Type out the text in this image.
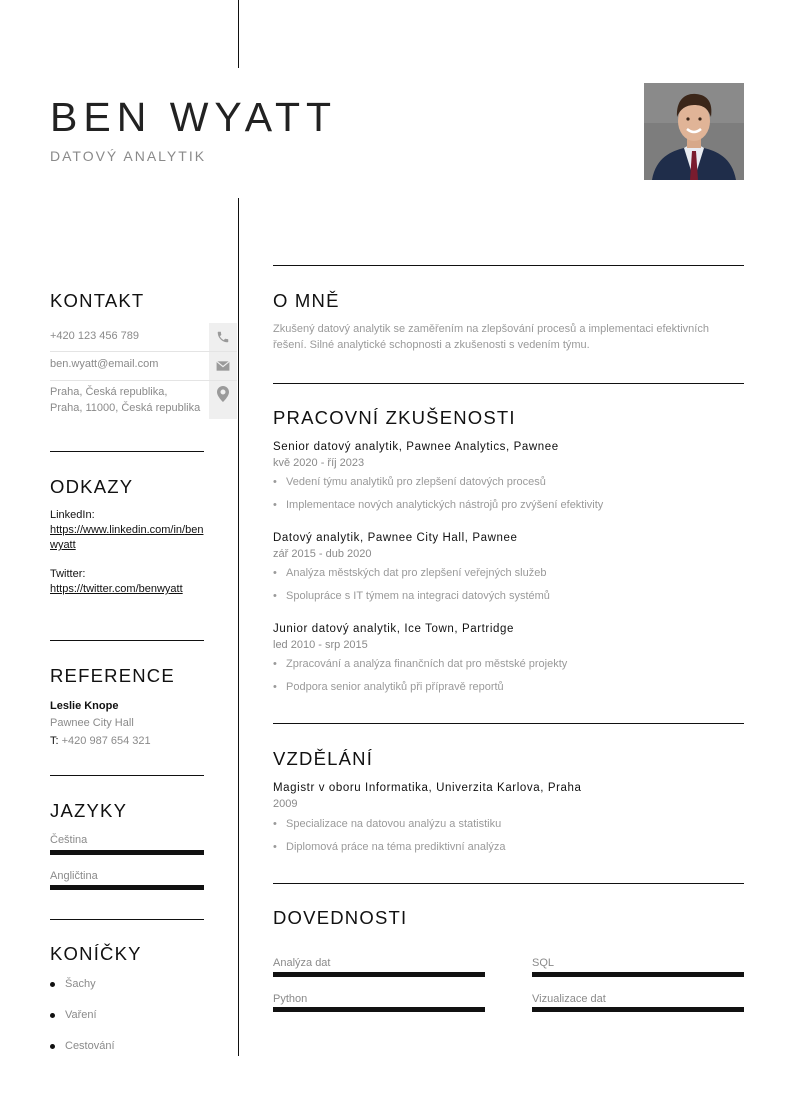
BEN WYATT
DATOVÝ ANALYTIK
KONTAKT
+420 123 456 789
ben.wyatt@email.com
Praha, Česká republika,
Praha, 11000, Česká republika
ODKAZY
LinkedIn:
https://www.linkedin.com/in/benwyatt
Twitter:
https://twitter.com/benwyatt
REFERENCE
Leslie Knope
Pawnee City Hall
T: +420 987 654 321
JAZYKY
Čeština
Angličtina
KONÍČKY
Šachy
Vaření
Cestování
O MNĚ
Zkušený datový analytik se zaměřením na zlepšování procesů a implementaci efektivních řešení. Silné analytické schopnosti a zkušenosti s vedením týmu.
PRACOVNÍ ZKUŠENOSTI
Senior datový analytik, Pawnee Analytics, Pawnee
kvě 2020 - říj 2023
• Vedení týmu analytiků pro zlepšení datových procesů
• Implementace nových analytických nástrojů pro zvýšení efektivity
Datový analytik, Pawnee City Hall, Pawnee
zář 2015 - dub 2020
• Analýza městských dat pro zlepšení veřejných služeb
• Spolupráce s IT týmem na integraci datových systémů
Junior datový analytik, Ice Town, Partridge
led 2010 - srp 2015
• Zpracování a analýza finančních dat pro městské projekty
• Podpora senior analytiků při přípravě reportů
VZDĚLÁNÍ
Magistr v oboru Informatika, Univerzita Karlova, Praha
2009
• Specializace na datovou analýzu a statistiku
• Diplomová práce na téma prediktivní analýza
DOVEDNOSTI
Analýza dat	SQL
Python	Vizualizace dat
